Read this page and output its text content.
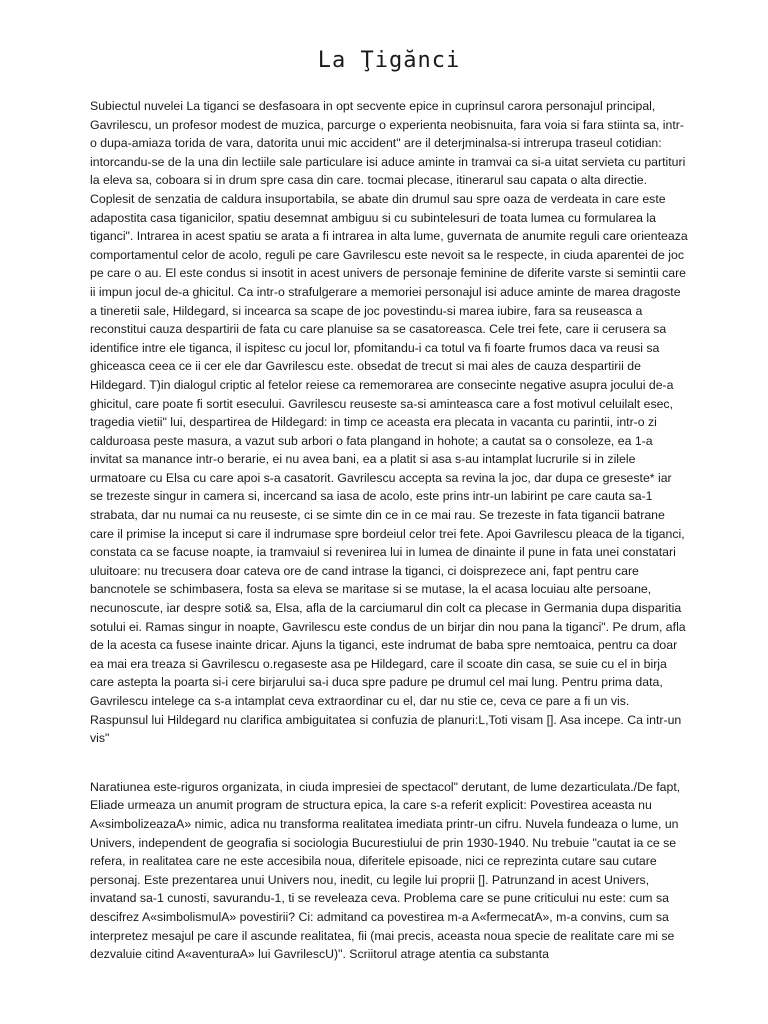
La Ţigănci

Subiectul nuvelei La tiganci se desfasoara in opt secvente epice in cuprinsul carora personajul principal, Gavrilescu, un profesor modest de muzica, parcurge o experienta neobisnuita, fara voia si fara stiinta sa, intr-o dupa-amiaza torida de vara, datorita unui mic accident" are il deterjminalsa-si intrerupa traseul cotidian: intorcandu-se de la una din lectiile sale particulare isi aduce aminte in tramvai ca si-a uitat servieta cu partituri la eleva sa, coboara si in drum spre casa din care. tocmai plecase, itinerarul sau capata o alta directie. Coplesit de senzatia de caldura insuportabila, se abate din drumul sau spre oaza de verdeata in care este adapostita casa tiganicilor, spatiu desemnat ambiguu si cu subintelesuri de toata lumea cu formularea la tiganci". Intrarea in acest spatiu se arata a fi intrarea in alta lume, guvernata de anumite reguli care orienteaza comportamentul celor de acolo, reguli pe care Gavrilescu este nevoit sa le respecte, in ciuda aparentei de joc pe care o au. El este condus si insotit in acest univers de personaje feminine de diferite varste si semintii care ii impun jocul de-a ghicitul. Ca intr-o strafulgerare a memoriei personajul isi aduce aminte de marea dragoste a tineretii sale, Hildegard, si incearca sa scape de joc povestindu-si marea iubire, fara sa reuseasca a reconstitui cauza despartirii de fata cu care planuise sa se casatoreasca. Cele trei fete, care ii cerusera sa identifice intre ele tiganca, il ispitesc cu jocul lor, pfomitandu-i ca totul va fi foarte frumos daca va reusi sa ghiceasca ceea ce ii cer ele dar Gavrilescu este. obsedat de trecut si mai ales de cauza despartirii de Hildegard. T)in dialogul criptic al fetelor reiese ca rememorarea are consecinte negative asupra jocului de-a ghicitul, care poate fi sortit esecului. Gavrilescu reuseste sa-si aminteasca care a fost motivul celuilalt esec, tragedia vietii" lui, despartirea de Hildegard: in timp ce aceasta era plecata in vacanta cu parintii, intr-o zi calduroasa peste masura, a vazut sub arbori o fata plangand in hohote; a cautat sa o consoleze, ea 1-a invitat sa manance intr-o berarie, ei nu avea bani, ea a platit si asa s-au intamplat lucrurile si in zilele urmatoare cu Elsa cu care apoi s-a casatorit. Gavrilescu accepta sa revina la joc, dar dupa ce greseste* iar se trezeste singur in camera si, incercand sa iasa de acolo, este prins intr-un labirint pe care cauta sa-1 strabata, dar nu numai ca nu reuseste, ci se simte din ce in ce mai rau. Se trezeste in fata tigancii batrane care il primise la inceput si care il indrumase spre bordeiul celor trei fete. Apoi Gavrilescu pleaca de la tiganci, constata ca se facuse noapte, ia tramvaiul si revenirea lui in lumea de dinainte il pune in fata unei constatari uluitoare: nu trecusera doar cateva ore de cand intrase la tiganci, ci doisprezece ani, fapt pentru care bancnotele se schimbasera, fosta sa eleva se maritase si se mutase, la el acasa locuiau alte persoane, necunoscute, iar despre soti& sa, Elsa, afla de la carciumarul din colt ca plecase in Germania dupa disparitia sotului ei. Ramas singur in noapte, Gavrilescu este condus de un birjar din nou pana la tiganci". Pe drum, afla de la acesta ca fusese inainte dricar. Ajuns la tiganci, este indrumat de baba spre nemtoaica, pentru ca doar ea mai era treaza si Gavrilescu o.regaseste asa pe Hildegard, care il scoate din casa, se suie cu el in birja care astepta la poarta si-i cere birjarului sa-i duca spre padure pe drumul cel mai lung. Pentru prima data, Gavrilescu intelege ca s-a intamplat ceva extraordinar cu el, dar nu stie ce, ceva ce pare a fi un vis. Raspunsul lui Hildegard nu clarifica ambiguitatea si confuzia de planuri:L,Toti visam []. Asa incepe. Ca intr-un vis"

Naratiunea este-riguros organizata, in ciuda impresiei de spectacol" derutant, de lume dezarticulata./De fapt, Eliade urmeaza un anumit program de structura epica, la care s-a referit explicit: Povestirea aceasta nu A«simbolizeazaA» nimic, adica nu transforma realitatea imediata printr-un cifru. Nuvela fundeaza o lume, un Univers, independent de geografia si sociologia Bucurestiului de prin 1930-1940. Nu trebuie "cautat ia ce se refera, in realitatea care ne este accesibila noua, diferitele episoade, nici ce reprezinta cutare sau cutare personaj. Este prezentarea unui Univers nou, inedit, cu legile lui proprii []. Patrunzand in acest Univers, invatand sa-1 cunosti, savurandu-1, ti se reveleaza ceva. Problema care se pune criticului nu este: cum sa descifrez A«simbolismulA» povestirii? Ci: admitand ca povestirea m-a A«fermecatA», m-a convins, cum sa interpretez mesajul pe care il ascunde realitatea, fii (mai precis, aceasta noua specie de realitate care mi se dezvaluie citind A«aventuraA» lui GavrilescU)". Scriitorul atrage atentia ca substanta
